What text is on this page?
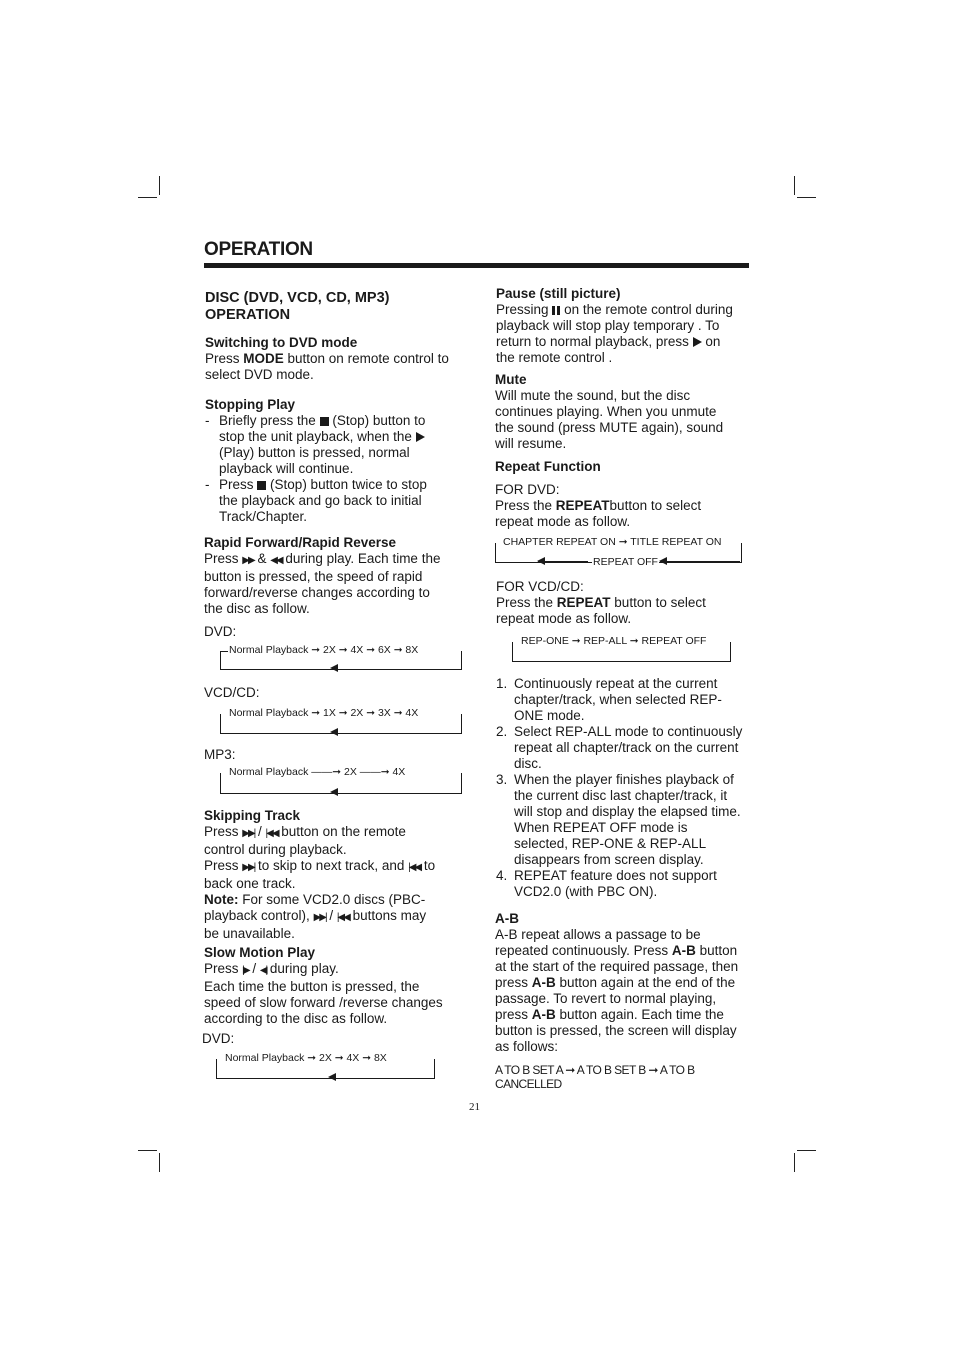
OPERATION
DISC (DVD, VCD, CD, MP3)
OPERATION
Switching to DVD mode
Press MODE button on remote control to
select DVD mode.
Stopping Play
- Briefly press the (Stop) button to
stop the unit playback, when the
(Play) button is pressed, normal
playback will continue.
- Press (Stop) button twice to stop
the playback and go back to initial
Track/Chapter.
Rapid Forward/Rapid Reverse
Press ▶▶ & ◀◀ during play. Each time the
button is pressed, the speed of rapid
forward/reverse changes according to
the disc as follow.
DVD:
Normal Playback ➞ 2X ➞ 4X ➞ 6X ➞ 8X
VCD/CD:
Normal Playback ➞ 1X ➞ 2X ➞ 3X ➞ 4X
MP3:
Normal Playback ——➞ 2X ——➞ 4X
Skipping Track
Press ▶▶| / |◀◀ button on the remote
control during playback.
Press ▶▶| to skip to next track, and |◀◀ to
back one track.
Note: For some VCD2.0 discs (PBC-
playback control), ▶▶| / |◀◀ buttons may
be unavailable.
Slow Motion Play
Press |▶ / ◀| during play.
Each time the button is pressed, the
speed of slow forward /reverse changes
according to the disc as follow.
DVD:
Normal Playback ➞ 2X ➞ 4X ➞ 8X
Pause (still picture)
Pressing on the remote control during
playback will stop play temporary . To
return to normal playback, press on
the remote control .
Mute
Will mute the sound, but the disc
continues playing. When you unmute
the sound (press MUTE again), sound
will resume.
Repeat Function
FOR DVD:
Press the REPEATbutton to select
repeat mode as follow.
CHAPTER REPEAT ON ➞ TITLE REPEAT ON
REPEAT OFF
FOR VCD/CD:
Press the REPEAT button to select
repeat mode as follow.
REP-ONE ➞ REP-ALL ➞ REPEAT OFF
1. Continuously repeat at the current
chapter/track, when selected REP-
ONE mode.
2. Select REP-ALL mode to continuously
repeat all chapter/track on the current
disc.
3. When the player finishes playback of
the current disc last chapter/track, it
will stop and display the elapsed time.
When REPEAT OFF mode is
selected, REP-ONE & REP-ALL
disappears from screen display.
4. REPEAT feature does not support
VCD2.0 (with PBC ON).
A-B
A-B repeat allows a passage to be
repeated continuously. Press A-B button
at the start of the required passage, then
press A-B button again at the end of the
passage. To revert to normal playing,
press A-B button again. Each time the
button is pressed, the screen will display
as follows:
A TO B SET A ➞ A TO B SET B ➞ A TO B CANCELLED
21
